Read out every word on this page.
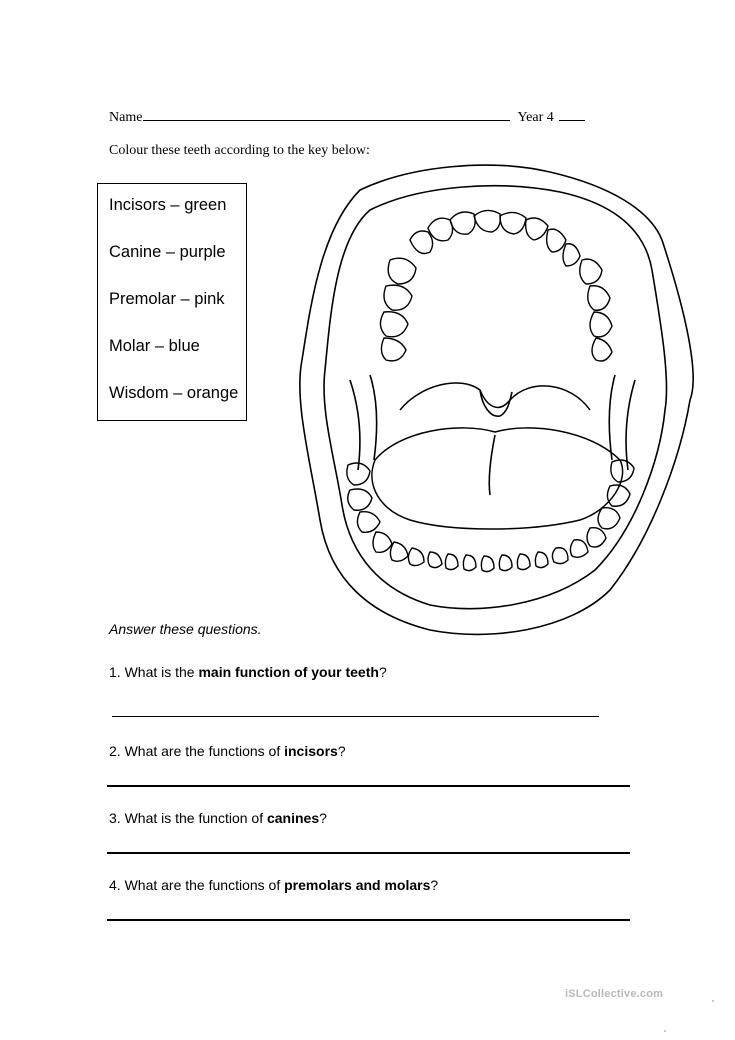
Name	Year 4
Colour these teeth according to the key below:
Incisors – green
Canine – purple
Premolar – pink
Molar – blue
Wisdom – orange
Answer these questions.
1. What is the main function of your teeth?
2. What are the functions of incisors?
3. What is the function of canines?
4. What are the functions of premolars and molars?
iSLCollective.com
